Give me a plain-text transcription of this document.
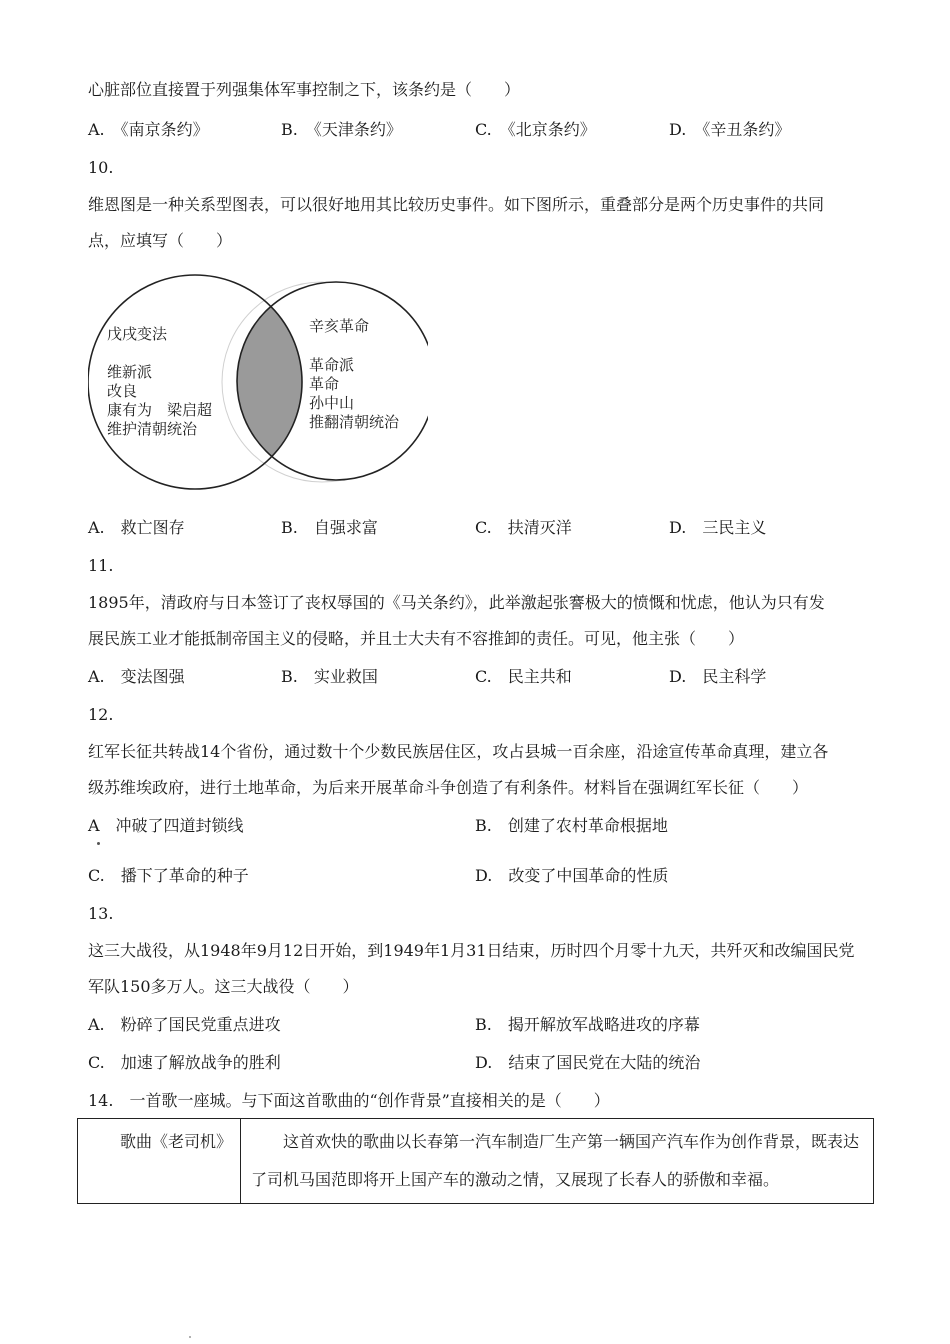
心脏部位直接置于列强集体军事控制之下，该条约是（　　）
A.　《南京条约》	B.　《天津条约》	C.　《北京条约》	D.　《辛丑条约》
10.
维恩图是一种关系型图表，可以很好地用其比较历史事件。如下图所示，重叠部分是两个历史事件的共同
点，应填写（　　）
戊戌变法
维新派
改良
康有为　梁启超
维护清朝统治
辛亥革命
革命派
革命
孙中山
推翻清朝统治
A.　救亡图存	B.　自强求富	C.　扶清灭洋	D.　三民主义
11.
1895年，清政府与日本签订了丧权辱国的《马关条约》，此举激起张謇极大的愤慨和忧虑，他认为只有发
展民族工业才能抵制帝国主义的侵略，并且士大夫有不容推卸的责任。可见，他主张（　　）
A.　变法图强	B.　实业救国	C.　民主共和	D.　民主科学
12.
红军长征共转战14个省份，通过数十个少数民族居住区，攻占县城一百余座，沿途宣传革命真理，建立各
级苏维埃政府，进行土地革命，为后来开展革命斗争创造了有利条件。材料旨在强调红军长征（　　）
A　冲破了四道封锁线	B.　创建了农村革命根据地
C.　播下了革命的种子	D.　改变了中国革命的性质
13.
这三大战役，从1948年9月12日开始，到1949年1月31日结束，历时四个月零十九天，共歼灭和改编国民党
军队150多万人。这三大战役（　　）
A.　粉碎了国民党重点进攻	B.　揭开解放军战略进攻的序幕
C.　加速了解放战争的胜利	D.　结束了国民党在大陆的统治
14.　一首歌一座城。与下面这首歌曲的“创作背景”直接相关的是（　　）
　　歌曲《老司机》	　　这首欢快的歌曲以长春第一汽车制造厂生产第一辆国产汽车作为创作背景，既表达了司机马国范即将开上国产车的激动之情，又展现了长春人的骄傲和幸福。
